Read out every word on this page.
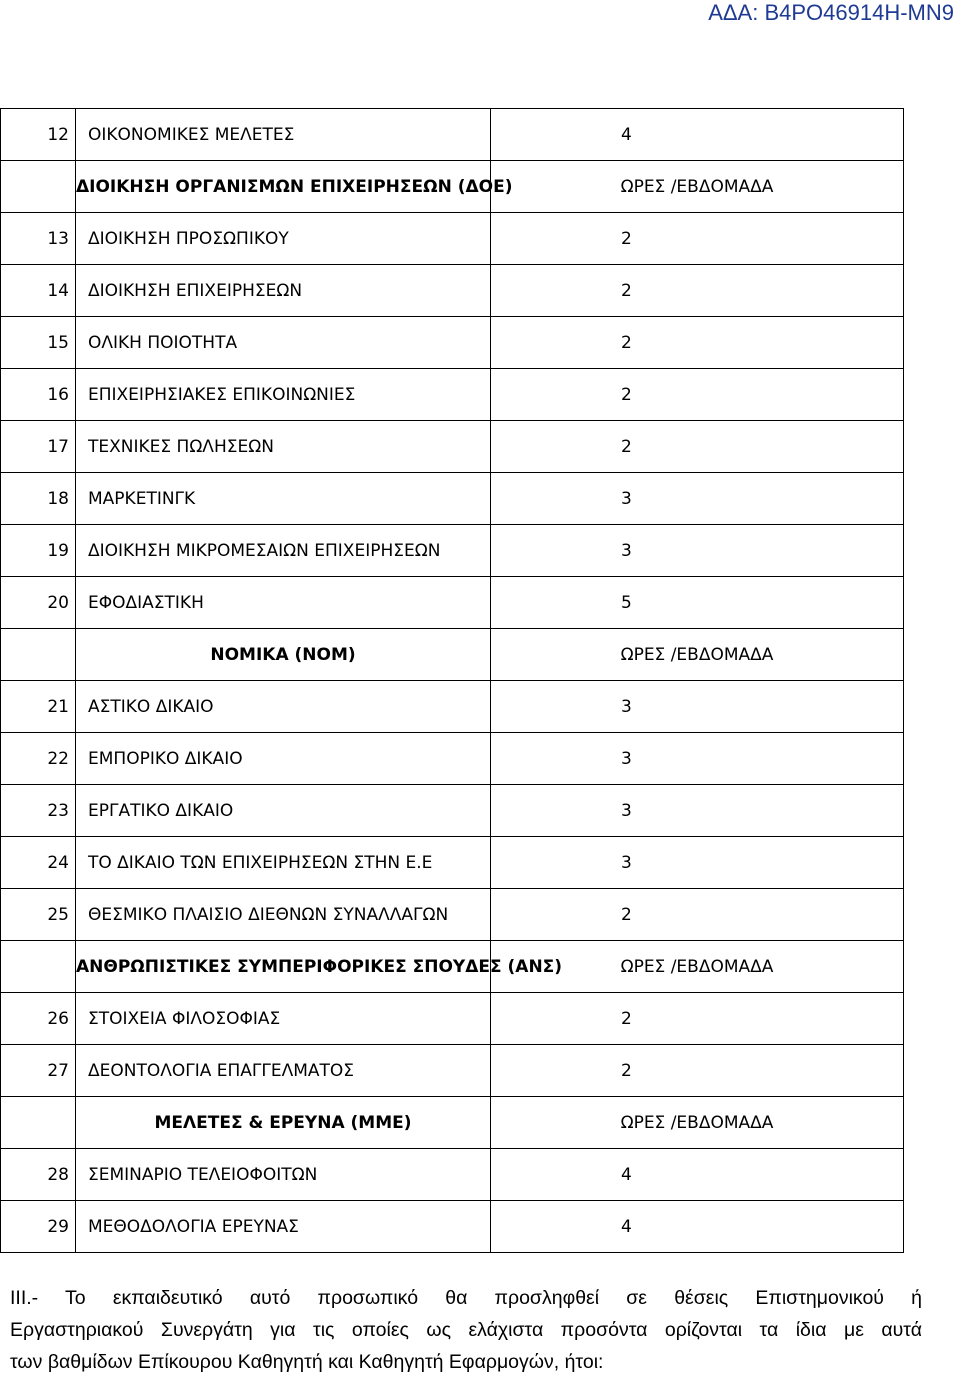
ΑΔΑ: Β4ΡΟ46914Η-ΜΝ9
12	ΟΙΚΟΝΟΜΙΚΕΣ ΜΕΛΕΤΕΣ	4
	ΔΙΟΙΚΗΣΗ ΟΡΓΑΝΙΣΜΩΝ ΕΠΙΧΕΙΡΗΣΕΩΝ (ΔΟΕ)	ΩΡΕΣ /ΕΒΔΟΜΑΔΑ
13	ΔΙΟΙΚΗΣΗ ΠΡΟΣΩΠΙΚΟΥ	2
14	ΔΙΟΙΚΗΣΗ ΕΠΙΧΕΙΡΗΣΕΩΝ	2
15	ΟΛΙΚΗ ΠΟΙΟΤΗΤΑ	2
16	ΕΠΙΧΕΙΡΗΣΙΑΚΕΣ ΕΠΙΚΟΙΝΩΝΙΕΣ	2
17	ΤΕΧΝΙΚΕΣ ΠΩΛΗΣΕΩΝ	2
18	ΜΑΡΚΕΤΙΝΓΚ	3
19	ΔΙΟΙΚΗΣΗ ΜΙΚΡΟΜΕΣΑΙΩΝ ΕΠΙΧΕΙΡΗΣΕΩΝ	3
20	ΕΦΟΔΙΑΣΤΙΚΗ	5
	ΝΟΜΙΚΑ (ΝΟΜ)	ΩΡΕΣ /ΕΒΔΟΜΑΔΑ
21	ΑΣΤΙΚΟ ΔΙΚΑΙΟ	3
22	ΕΜΠΟΡΙΚΟ ΔΙΚΑΙΟ	3
23	ΕΡΓΑΤΙΚΟ ΔΙΚΑΙΟ	3
24	ΤΟ ΔΙΚΑΙΟ ΤΩΝ ΕΠΙΧΕΙΡΗΣΕΩΝ ΣΤΗΝ Ε.Ε	3
25	ΘΕΣΜΙΚΟ ΠΛΑΙΣΙΟ ΔΙΕΘΝΩΝ ΣΥΝΑΛΛΑΓΩΝ	2
	ΑΝΘΡΩΠΙΣΤΙΚΕΣ ΣΥΜΠΕΡΙΦΟΡΙΚΕΣ ΣΠΟΥΔΕΣ (ΑΝΣ)	ΩΡΕΣ /ΕΒΔΟΜΑΔΑ
26	ΣΤΟΙΧΕΙΑ ΦΙΛΟΣΟΦΙΑΣ	2
27	ΔΕΟΝΤΟΛΟΓΙΑ ΕΠΑΓΓΕΛΜΑΤΟΣ	2
	ΜΕΛΕΤΕΣ & ΕΡΕΥΝΑ (ΜΜΕ)	ΩΡΕΣ /ΕΒΔΟΜΑΔΑ
28	ΣΕΜΙΝΑΡΙΟ ΤΕΛΕΙΟΦΟΙΤΩΝ	4
29	ΜΕΘΟΔΟΛΟΓΙΑ ΕΡΕΥΝΑΣ	4
ΙΙΙ.- Το εκπαιδευτικό αυτό προσωπικό θα προσληφθεί σε θέσεις Επιστημονικού ή
Εργαστηριακού Συνεργάτη για τις οποίες ως ελάχιστα προσόντα ορίζονται τα ίδια με αυτά
των βαθμίδων Επίκουρου Καθηγητή και Καθηγητή Εφαρμογών, ήτοι:
